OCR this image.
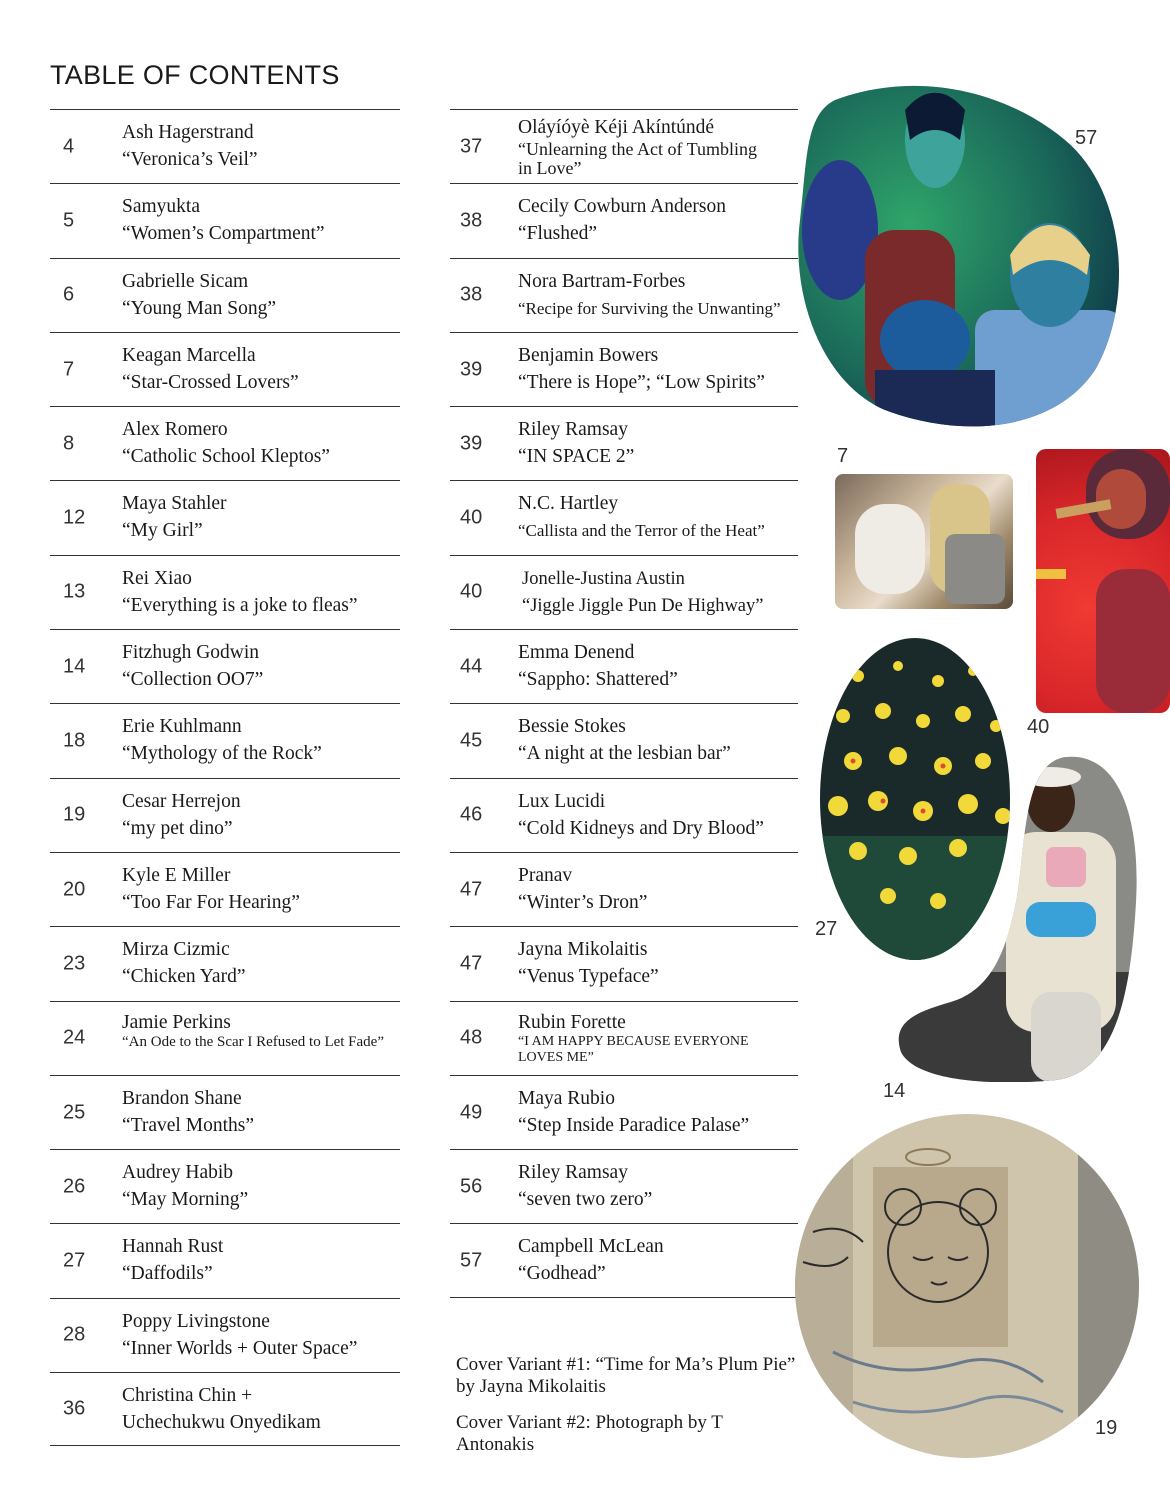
TABLE OF CONTENTS
4
Ash Hagerstrand
“Veronica’s Veil”
5
Samyukta
“Women’s Compartment”
6
Gabrielle Sicam
“Young Man Song”
7
Keagan Marcella
“Star-Crossed Lovers”
8
Alex Romero
“Catholic School Kleptos”
12
Maya Stahler
“My Girl”
13
Rei Xiao
“Everything is a joke to fleas”
14
Fitzhugh Godwin
“Collection OO7”
18
Erie Kuhlmann
“Mythology of the Rock”
19
Cesar Herrejon
“my pet dino”
20
Kyle E Miller
“Too Far For Hearing”
23
Mirza Cizmic
“Chicken Yard”
24
Jamie Perkins
“An Ode to the Scar I Refused to Let Fade”
25
Brandon Shane
“Travel Months”
26
Audrey Habib
“May Morning”
27
Hannah Rust
“Daffodils”
28
Poppy Livingstone
“Inner Worlds + Outer Space”
36
Christina Chin +
Uchechukwu Onyedikam
37
Oláyíóyè Kéji Akíntúndé
“Unlearning the Act of Tumbling in Love”
38
Cecily Cowburn Anderson
“Flushed”
38
Nora Bartram-Forbes
“Recipe for Surviving the Unwanting”
39
Benjamin Bowers
“There is Hope”; “Low Spirits”
39
Riley Ramsay
“IN SPACE 2”
40
N.C. Hartley
“Callista and the Terror of the Heat”
40
Jonelle-Justina Austin
“Jiggle Jiggle Pun De Highway”
44
Emma Denend
“Sappho: Shattered”
45
Bessie Stokes
“A night at the lesbian bar”
46
Lux Lucidi
“Cold Kidneys and Dry Blood”
47
Pranav
“Winter’s Dron”
47
Jayna Mikolaitis
“Venus Typeface”
48
Rubin Forette
“I AM HAPPY BECAUSE EVERYONE LOVES ME”
49
Maya Rubio
“Step Inside Paradice Palase”
56
Riley Ramsay
“seven two zero”
57
Campbell McLean
“Godhead”

Cover Variant #1: “Time for Ma’s Plum Pie” by Jayna Mikolaitis

Cover Variant #2: Photograph by T Antonakis

57
7
40
27
14
19
